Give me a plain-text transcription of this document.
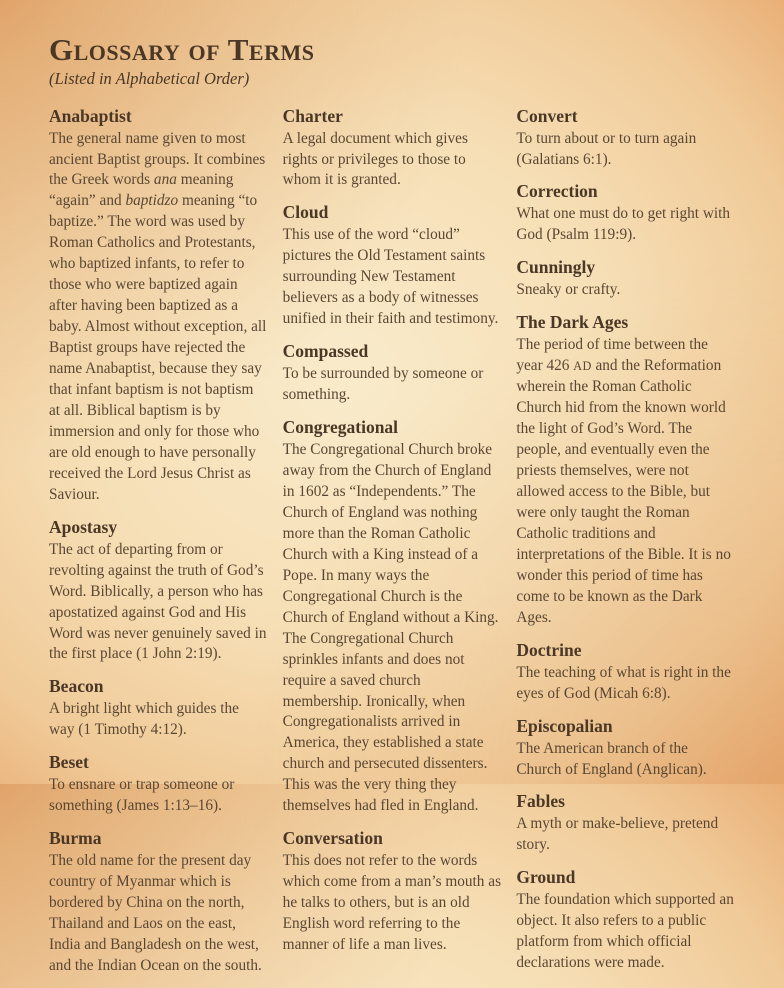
Glossary of Terms
(Listed in Alphabetical Order)
Anabaptist

The general name given to most ancient Baptist groups. It combines the Greek words ana meaning “again” and baptidzo meaning “to baptize.” The word was used by Roman Catholics and Protestants, who baptized infants, to refer to those who were baptized again after having been baptized as a baby. Almost without exception, all Baptist groups have rejected the name Anabaptist, because they say that infant baptism is not baptism at all. Biblical baptism is by immersion and only for those who are old enough to have personally received the Lord Jesus Christ as Saviour.

Apostasy

The act of departing from or revolting against the truth of God’s Word. Biblically, a person who has apostatized against God and His Word was never genuinely saved in the first place (1 John 2:19).

Beacon

A bright light which guides the way (1 Timothy 4:12).

Beset

To ensnare or trap someone or something (James 1:13–16).

Burma

The old name for the present day country of Myanmar which is bordered by China on the north, Thailand and Laos on the east, India and Bangladesh on the west, and the Indian Ocean on the south.

Charter

A legal document which gives rights or privileges to those to whom it is granted.

Cloud

This use of the word “cloud” pictures the Old Testament saints surrounding New Testament believers as a body of witnesses unified in their faith and testimony.

Compassed

To be surrounded by someone or something.

Congregational

The Congregational Church broke away from the Church of England in 1602 as “Independents.” The Church of England was nothing more than the Roman Catholic Church with a King instead of a Pope. In many ways the Congregational Church is the Church of England without a King. The Congregational Church sprinkles infants and does not require a saved church membership. Ironically, when Congregationalists arrived in America, they established a state church and persecuted dissenters. This was the very thing they themselves had fled in England.

Conversation

This does not refer to the words which come from a man’s mouth as he talks to others, but is an old English word referring to the manner of life a man lives.

Convert

To turn about or to turn again (Galatians 6:1).

Correction

What one must do to get right with God (Psalm 119:9).

Cunningly

Sneaky or crafty.

The Dark Ages

The period of time between the year 426 AD and the Reformation wherein the Roman Catholic Church hid from the known world the light of God’s Word. The people, and eventually even the priests themselves, were not allowed access to the Bible, but were only taught the Roman Catholic traditions and interpretations of the Bible. It is no wonder this period of time has come to be known as the Dark Ages.

Doctrine

The teaching of what is right in the eyes of God (Micah 6:8).

Episcopalian

The American branch of the Church of England (Anglican).

Fables

A myth or make-believe, pretend story.

Ground

The foundation which supported an object. It also refers to a public platform from which official declarations were made.
